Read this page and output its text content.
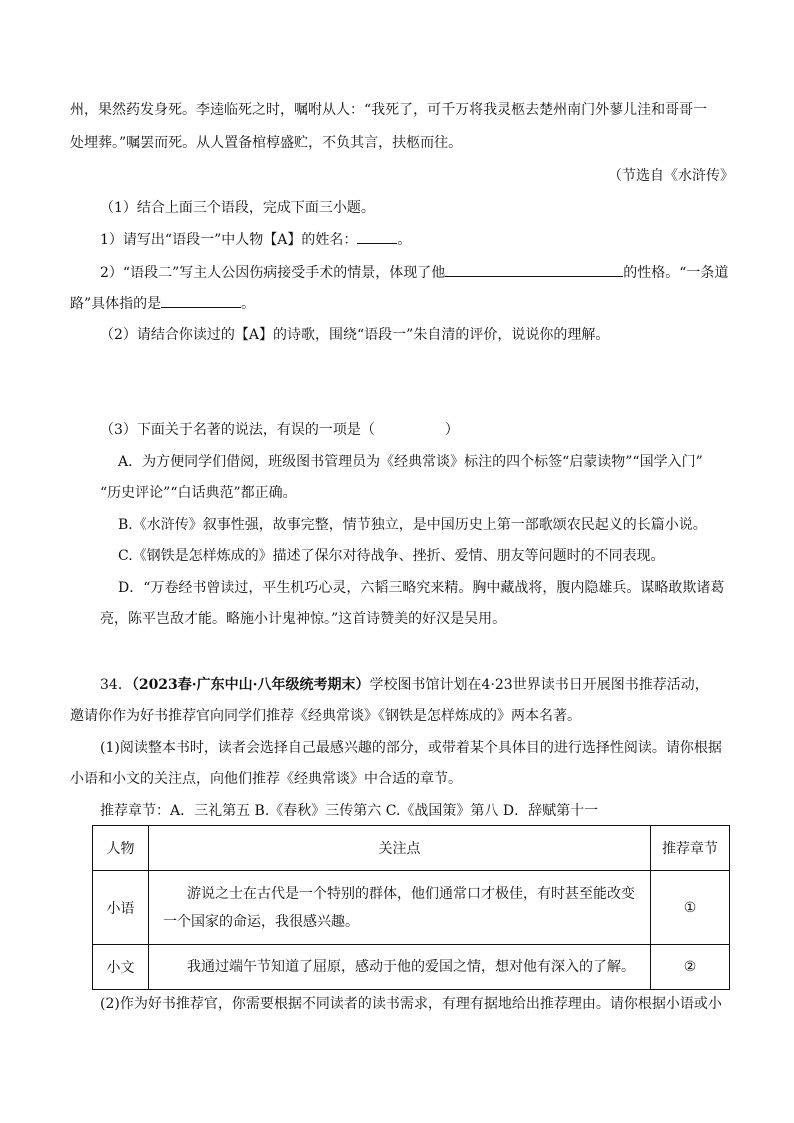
州，果然药发身死。李逵临死之时，嘱咐从人：“我死了，可千万将我灵柩去楚州南门外蓼儿洼和哥哥一
处埋葬。”嘱罢而死。从人置备棺椁盛贮，不负其言，扶柩而往。
（节选自《水浒传》
（1）结合上面三个语段，完成下面三小题。
1）请写出“语段一”中人物【A】的姓名：	。
2）“语段二”写主人公因伤病接受手术的情景，体现了他	的性格。“一条道
路”具体指的是	。
（2）请结合你读过的【A】的诗歌，围绕“语段一”朱自清的评价，说说你的理解。
（3）下面关于名著的说法，有误的一项是（　　　　　）
A．为方便同学们借阅，班级图书管理员为《经典常谈》标注的四个标签“启蒙读物”“国学入门”
“历史评论”“白话典范”都正确。
B.《水浒传》叙事性强，故事完整，情节独立，是中国历史上第一部歌颂农民起义的长篇小说。
C.《钢铁是怎样炼成的》描述了保尔对待战争、挫折、爱情、朋友等问题时的不同表现。
D．“万卷经书曾读过，平生机巧心灵，六韬三略究来精。胸中藏战将，腹内隐雄兵。谋略敢欺诸葛
亮，陈平岂敌才能。略施小计鬼神惊。”这首诗赞美的好汉是吴用。
34．（2023春·广东中山·八年级统考期末）学校图书馆计划在4·23世界读书日开展图书推荐活动，
邀请你作为好书推荐官向同学们推荐《经典常谈》《钢铁是怎样炼成的》两本名著。
(1)阅读整本书时，读者会选择自己最感兴趣的部分，或带着某个具体目的进行选择性阅读。请你根据
小语和小文的关注点，向他们推荐《经典常谈》中合适的章节。
推荐章节：A．三礼第五 B.《春秋》三传第六 C.《战国策》第八 D．辞赋第十一
人物	关注点	推荐章节
小语	游说之士在古代是一个特别的群体，他们通常口才极佳，有时甚至能改变一个国家的命运，我很感兴趣。	①
小文	我通过端午节知道了屈原，感动于他的爱国之情，想对他有深入的了解。	②
(2)作为好书推荐官，你需要根据不同读者的读书需求，有理有据地给出推荐理由。请你根据小语或小
